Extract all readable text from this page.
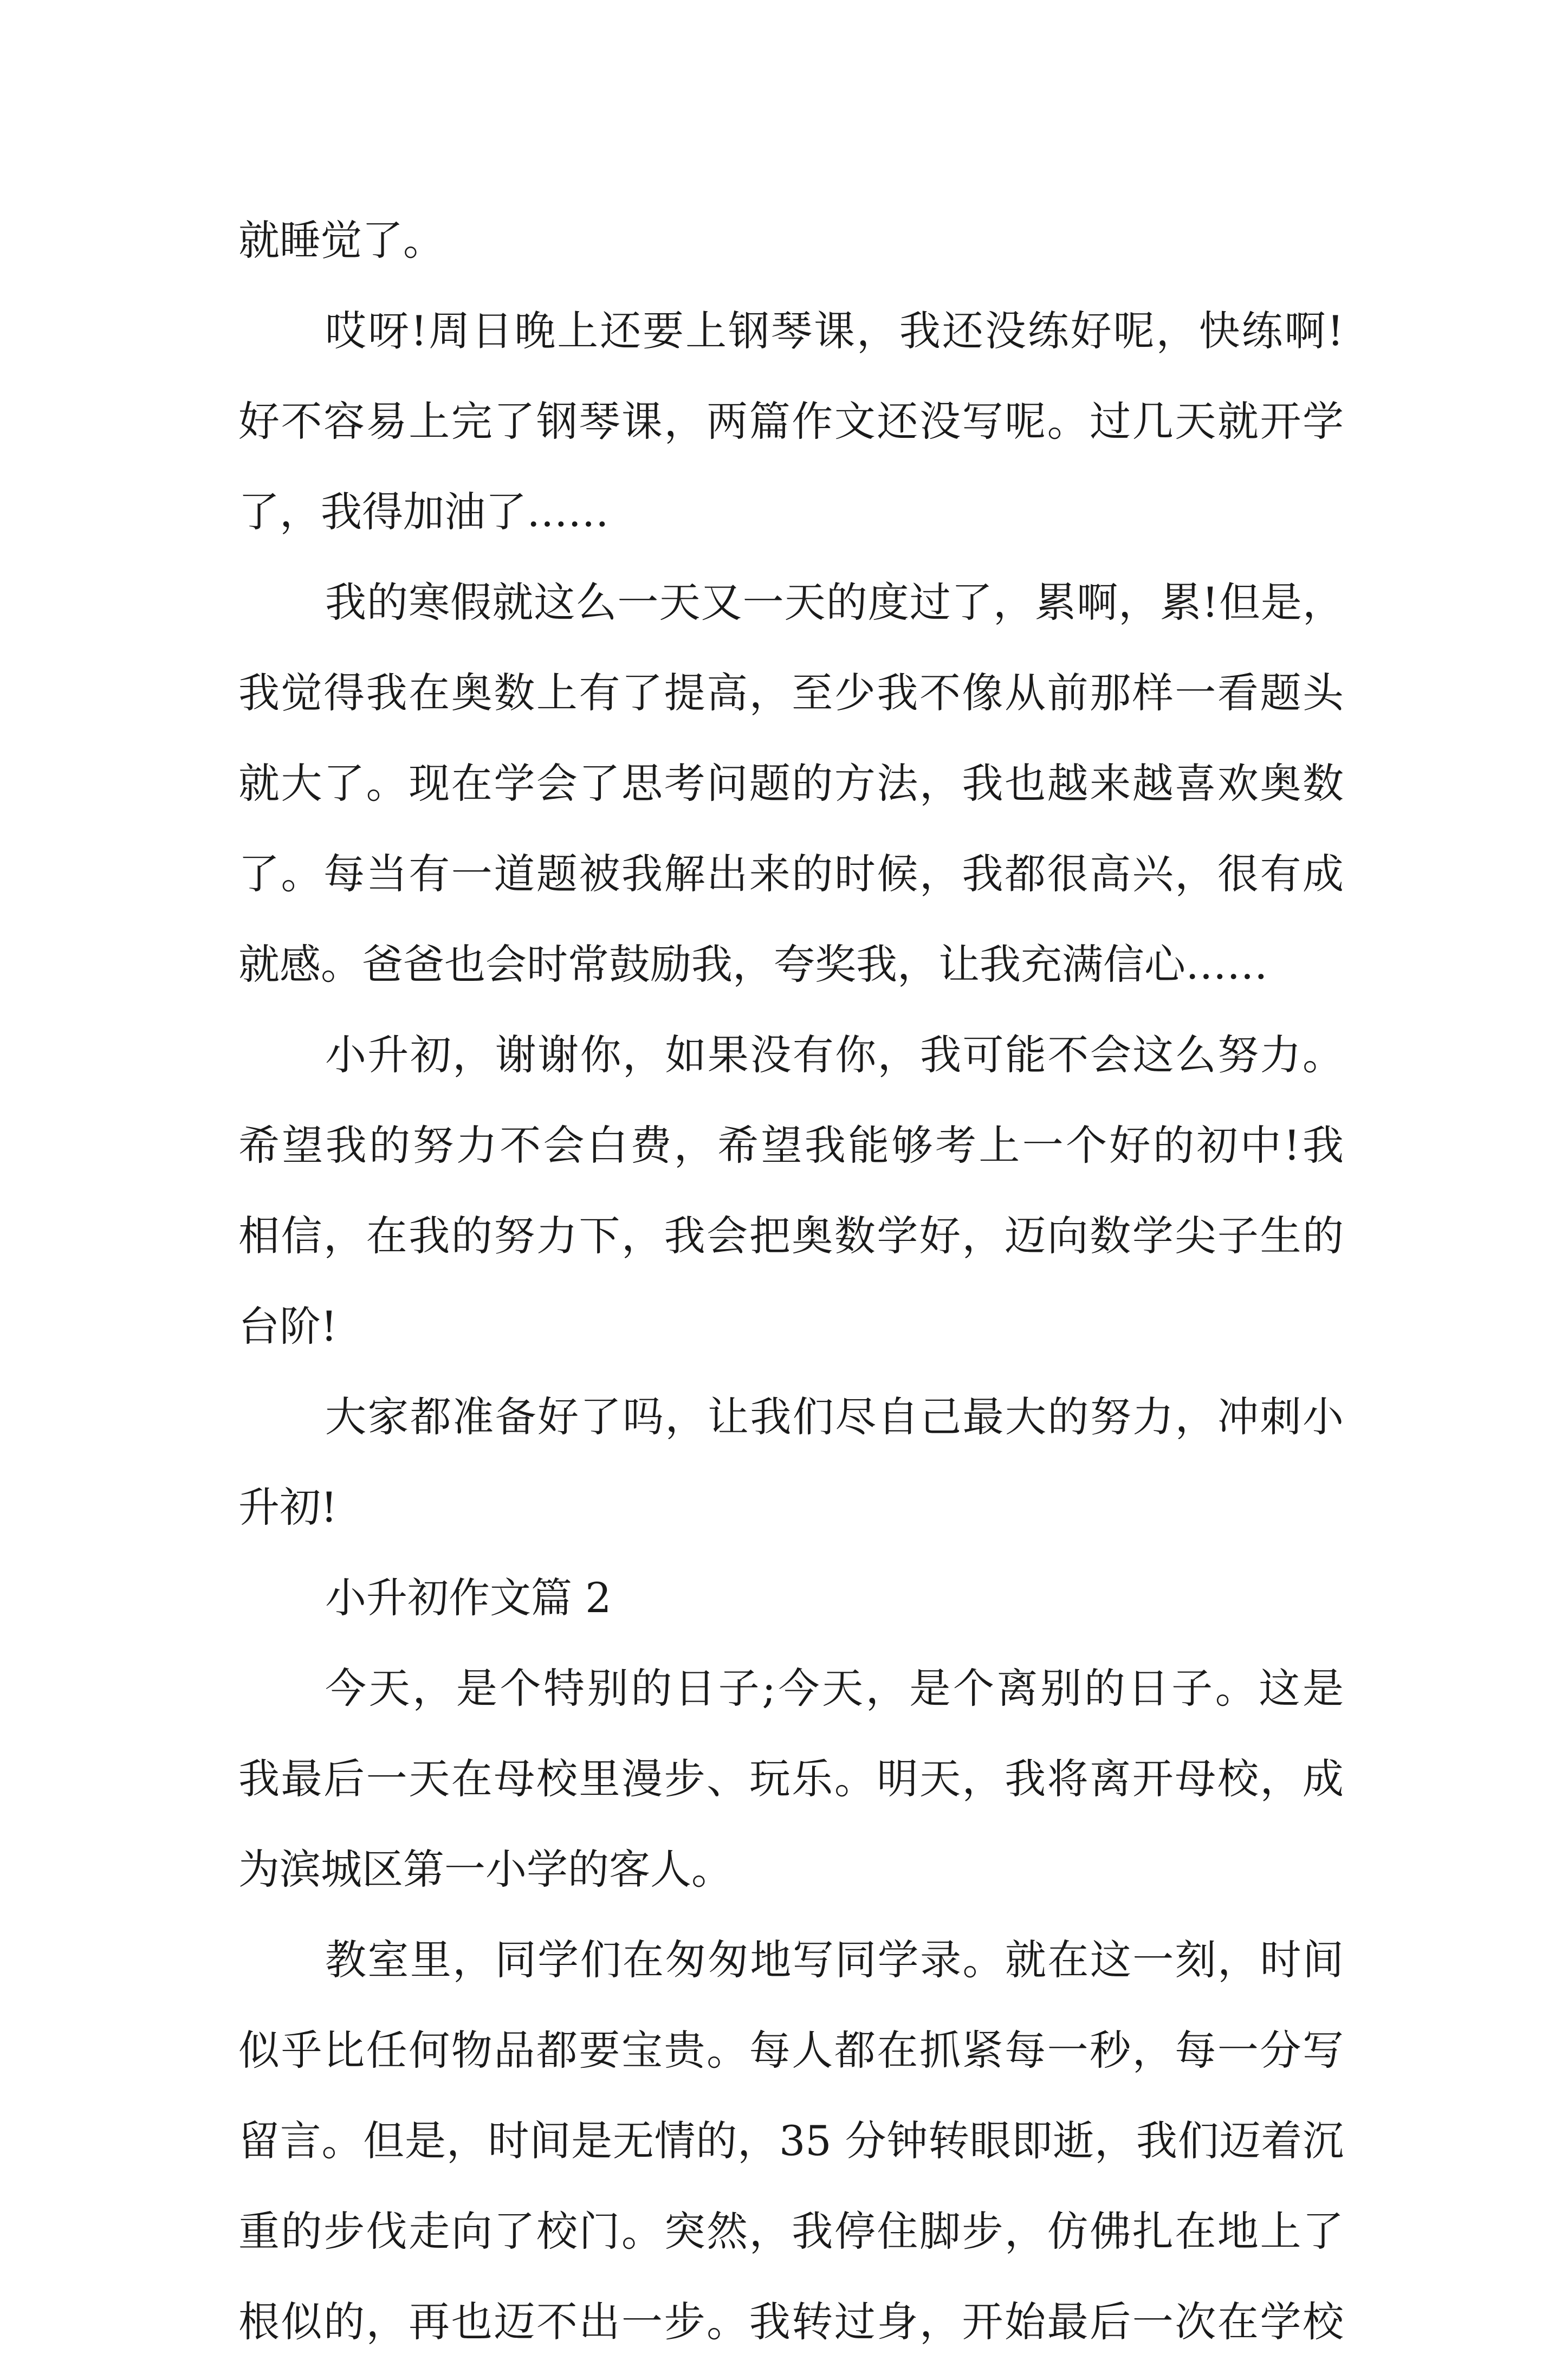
就睡觉了。
哎呀!周日晚上还要上钢琴课，我还没练好呢，快练啊!
好不容易上完了钢琴课，两篇作文还没写呢。过几天就开学
了，我得加油了……
我的寒假就这么一天又一天的度过了，累啊，累!但是，
我觉得我在奥数上有了提高，至少我不像从前那样一看题头
就大了。现在学会了思考问题的方法，我也越来越喜欢奥数
了。每当有一道题被我解出来的时候，我都很高兴，很有成
就感。爸爸也会时常鼓励我，夸奖我，让我充满信心……
小升初，谢谢你，如果没有你，我可能不会这么努力。
希望我的努力不会白费，希望我能够考上一个好的初中!我
相信，在我的努力下，我会把奥数学好，迈向数学尖子生的
台阶!
大家都准备好了吗，让我们尽自己最大的努力，冲刺小
升初!
小升初作文篇 2
今天，是个特别的日子;今天，是个离别的日子。这是
我最后一天在母校里漫步、玩乐。明天，我将离开母校，成
为滨城区第一小学的客人。
教室里，同学们在匆匆地写同学录。就在这一刻，时间
似乎比任何物品都要宝贵。每人都在抓紧每一秒，每一分写
留言。但是，时间是无情的，35 分钟转眼即逝，我们迈着沉
重的步伐走向了校门。突然，我停住脚步，仿佛扎在地上了
根似的，再也迈不出一步。我转过身，开始最后一次在学校
